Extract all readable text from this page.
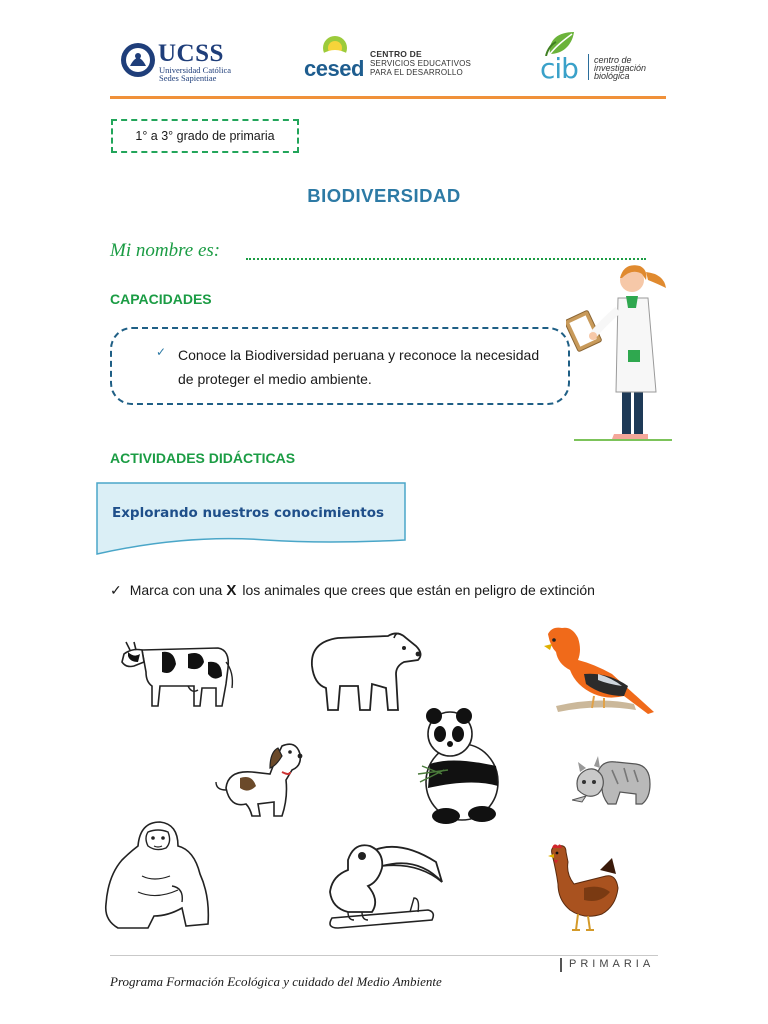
UCSS
Universidad Católica
Sedes Sapientiae	cesed
CENTRO DE
SERVICIOS EDUCATIVOS
PARA EL DESARROLLO	cib centro de
investigación
biológica
1° a 3° grado de primaria
BIODIVERSIDAD
Mi nombre es:
CAPACIDADES
✓ Conoce la Biodiversidad peruana y reconoce la necesidad de proteger el medio ambiente.
ACTIVIDADES DIDÁCTICAS
Explorando nuestros conocimientos
✓ Marca con una X los animales que crees que están en peligro de extinción
PRIMARIA
Programa Formación Ecológica y cuidado del Medio Ambiente
